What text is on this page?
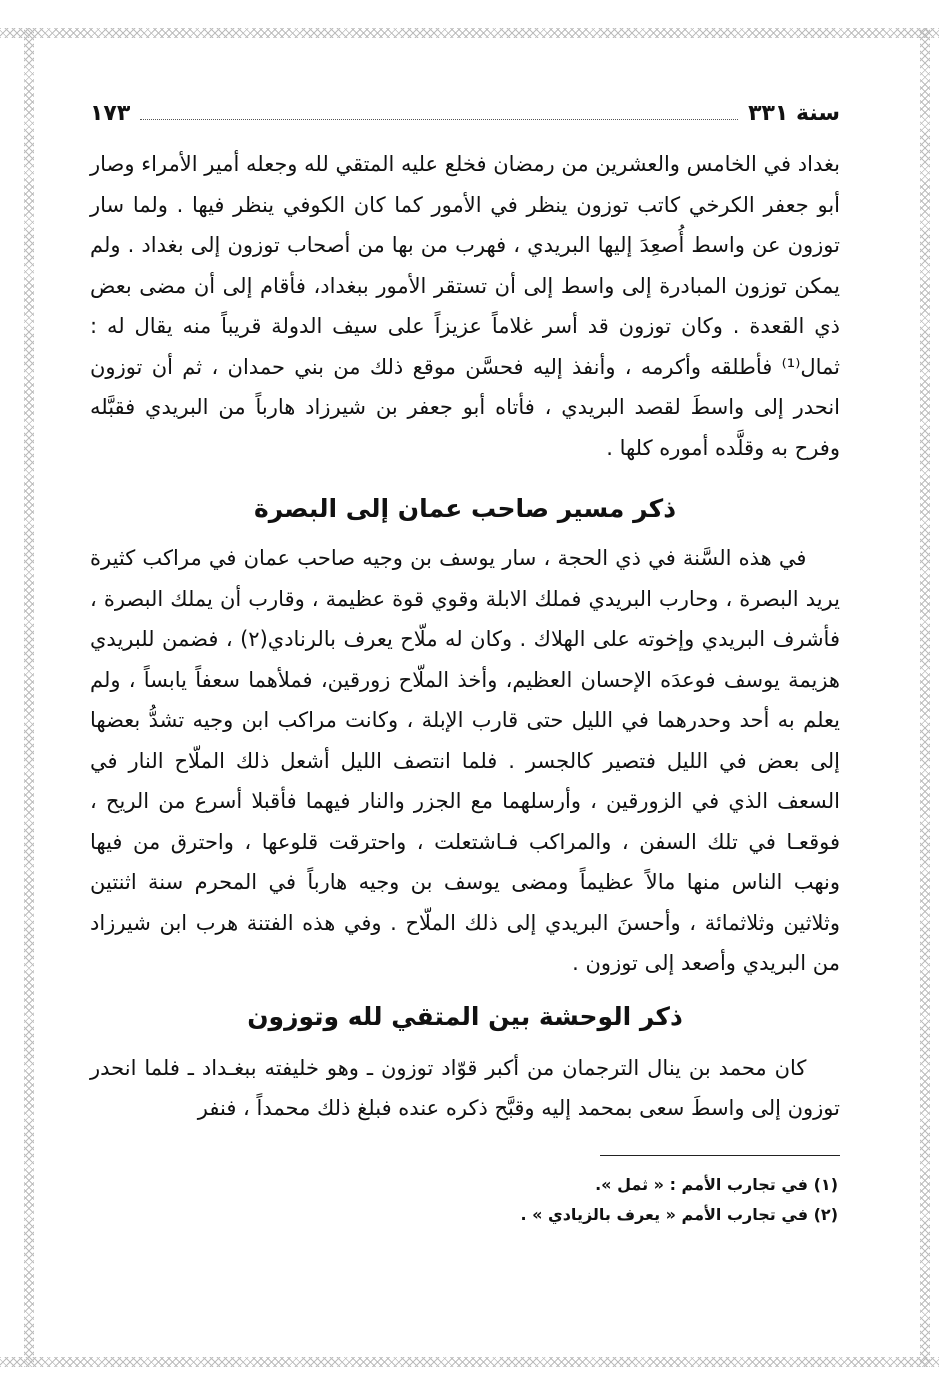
سنة ٣٣١
١٧٣

بغداد في الخامس والعشرين من رمضان فخلع عليه المتقي لله وجعله أمير الأمراء وصار أبو جعفر الكرخي كاتب توزون ينظر في الأمور كما كان الكوفي ينظر فيها . ولما سار توزون عن واسط أُصعِدَ إليها البريدي ، فهرب من بها من أصحاب توزون إلى بغداد . ولم يمكن توزون المبادرة إلى واسط إلى أن تستقر الأمور ببغداد، فأقام إلى أن مضى بعض ذي القعدة . وكان توزون قد أسر غلاماً عزيزاً على سيف الدولة قريباً منه يقال له : ثمال⁽¹⁾ فأطلقه وأكرمه ، وأنفذ إليه فحسَّن موقع ذلك من بني حمدان ، ثم أن توزون انحدر إلى واسطَ لقصد البريدي ، فأتاه أبو جعفر بن شيرزاد هارباً من البريدي فقبَّله وفرح به وقلَّده أموره كلها .

ذكر مسير صاحب عمان إلى البصرة

في هذه السَّنة في ذي الحجة ، سار يوسف بن وجيه صاحب عمان في مراكب كثيرة يريد البصرة ، وحارب البريدي فملك الابلة وقوي قوة عظيمة ، وقارب أن يملك البصرة ، فأشرف البريدي وإخوته على الهلاك . وكان له ملّاح يعرف بالرنادي(٢) ، فضمن للبريدي هزيمة يوسف فوعدَه الإحسان العظيم، وأخذ الملّاح زورقين، فملأهما سعفاً يابساً ، ولم يعلم به أحد وحدرهما في الليل حتى قارب الإبلة ، وكانت مراكب ابن وجيه تشدُّ بعضها إلى بعض في الليل فتصير كالجسر . فلما انتصف الليل أشعل ذلك الملّاح النار في السعف الذي في الزورقين ، وأرسلهما مع الجزر والنار فيهما فأقبلا أسرع من الريح ، فوقعـا في تلك السفن ، والمراكب فـاشتعلت ، واحترقت قلوعها ، واحترق من فيها ونهب الناس منها مالاً عظيماً ومضى يوسف بن وجيه هارباً في المحرم سنة اثنتين وثلاثين وثلاثمائة ، وأحسنَ البريدي إلى ذلك الملّاح . وفي هذه الفتنة هرب ابن شيرزاد من البريدي وأصعد إلى توزون .

ذكر الوحشة بين المتقي لله وتوزون

كان محمد بن ينال الترجمان من أكبر قوّاد توزون ـ وهو خليفته ببغـداد ـ فلما انحدر توزون إلى واسطَ سعى بمحمد إليه وقبَّح ذكره عنده فبلغ ذلك محمداً ، فنفر

(١) في تجارب الأمم : « ثمل ».
(٢) في تجارب الأمم « يعرف بالزيادي » .
